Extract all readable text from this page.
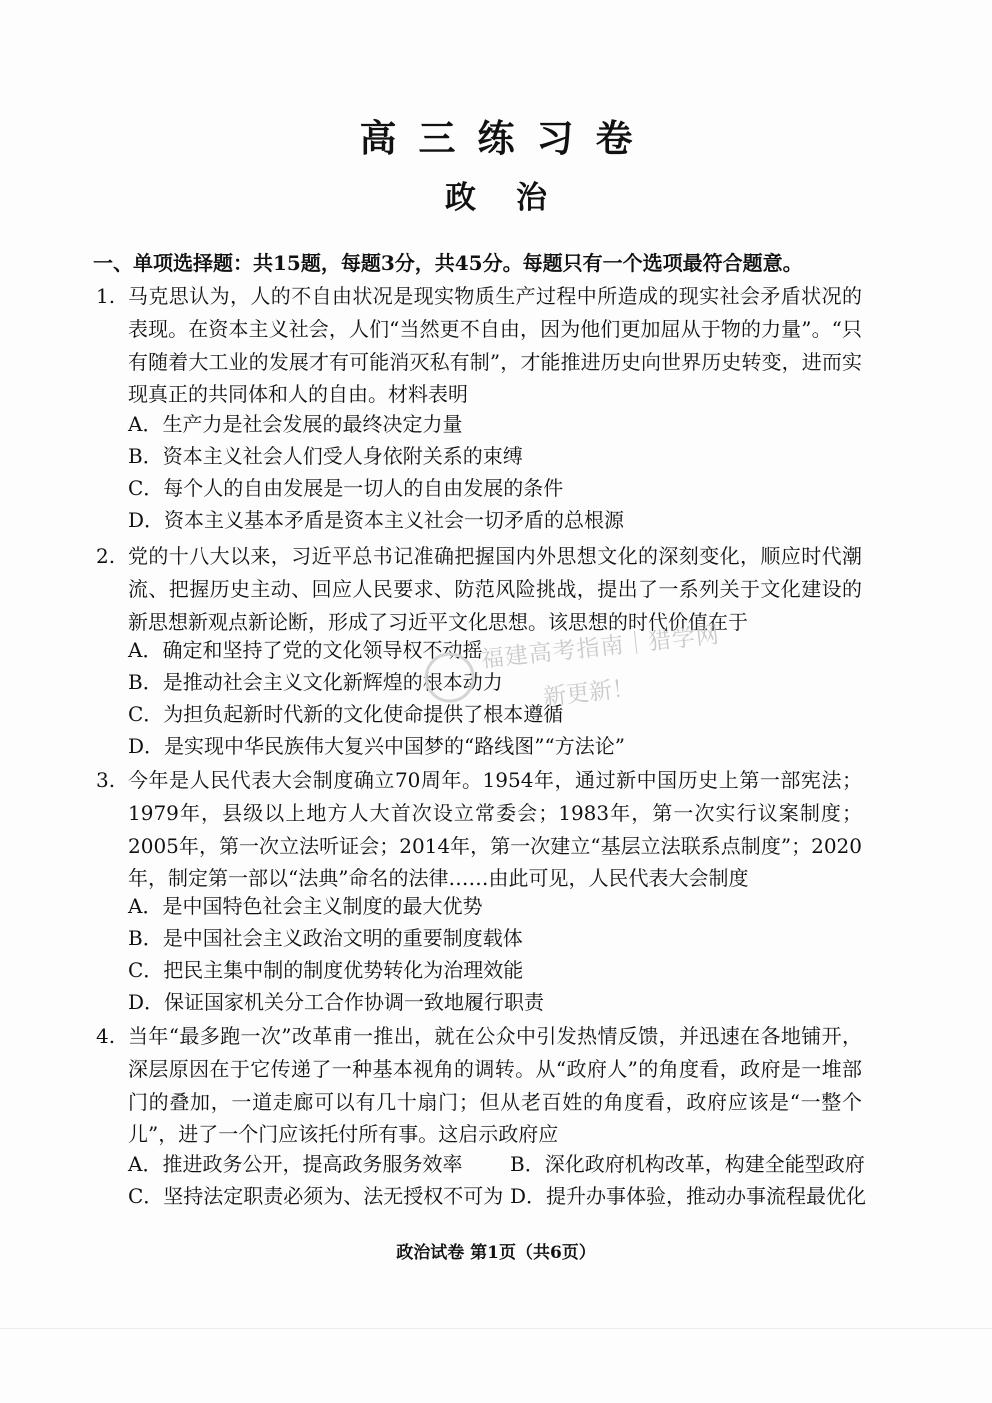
高三练习卷
政治
一、单项选择题：共15题，每题3分，共45分。每题只有一个选项最符合题意。
1. 马克思认为，人的不自由状况是现实物质生产过程中所造成的现实社会矛盾状况的表现。在资本主义社会，人们“当然更不自由，因为他们更加屈从于物的力量”。“只有随着大工业的发展才有可能消灭私有制”，才能推进历史向世界历史转变，进而实现真正的共同体和人的自由。材料表明
A．生产力是社会发展的最终决定力量
B．资本主义社会人们受人身依附关系的束缚
C．每个人的自由发展是一切人的自由发展的条件
D．资本主义基本矛盾是资本主义社会一切矛盾的总根源
2. 党的十八大以来，习近平总书记准确把握国内外思想文化的深刻变化，顺应时代潮流、把握历史主动、回应人民要求、防范风险挑战，提出了一系列关于文化建设的新思想新观点新论断，形成了习近平文化思想。该思想的时代价值在于
A．确定和坚持了党的文化领导权不动摇
B．是推动社会主义文化新辉煌的根本动力
C．为担负起新时代新的文化使命提供了根本遵循
D．是实现中华民族伟大复兴中国梦的“路线图”“方法论”
3. 今年是人民代表大会制度确立70周年。1954年，通过新中国历史上第一部宪法；1979年，县级以上地方人大首次设立常委会；1983年，第一次实行议案制度；2005年，第一次立法听证会；2014年，第一次建立“基层立法联系点制度”；2020年，制定第一部以“法典”命名的法律……由此可见，人民代表大会制度
A．是中国特色社会主义制度的最大优势
B．是中国社会主义政治文明的重要制度载体
C．把民主集中制的制度优势转化为治理效能
D．保证国家机关分工合作协调一致地履行职责
4. 当年“最多跑一次”改革甫一推出，就在公众中引发热情反馈，并迅速在各地铺开，深层原因在于它传递了一种基本视角的调转。从“政府人”的角度看，政府是一堆部门的叠加，一道走廊可以有几十扇门；但从老百姓的角度看，政府应该是“一整个儿”，进了一个门应该托付所有事。这启示政府应
A．推进政务公开，提高政务服务效率 B．深化政府机构改革，构建全能型政府
C．坚持法定职责必须为、法无授权不可为 D．提升办事体验，推动办事流程最优化
福建高考指南｜猎学网
新更新！
政治试卷 第1页（共6页）
